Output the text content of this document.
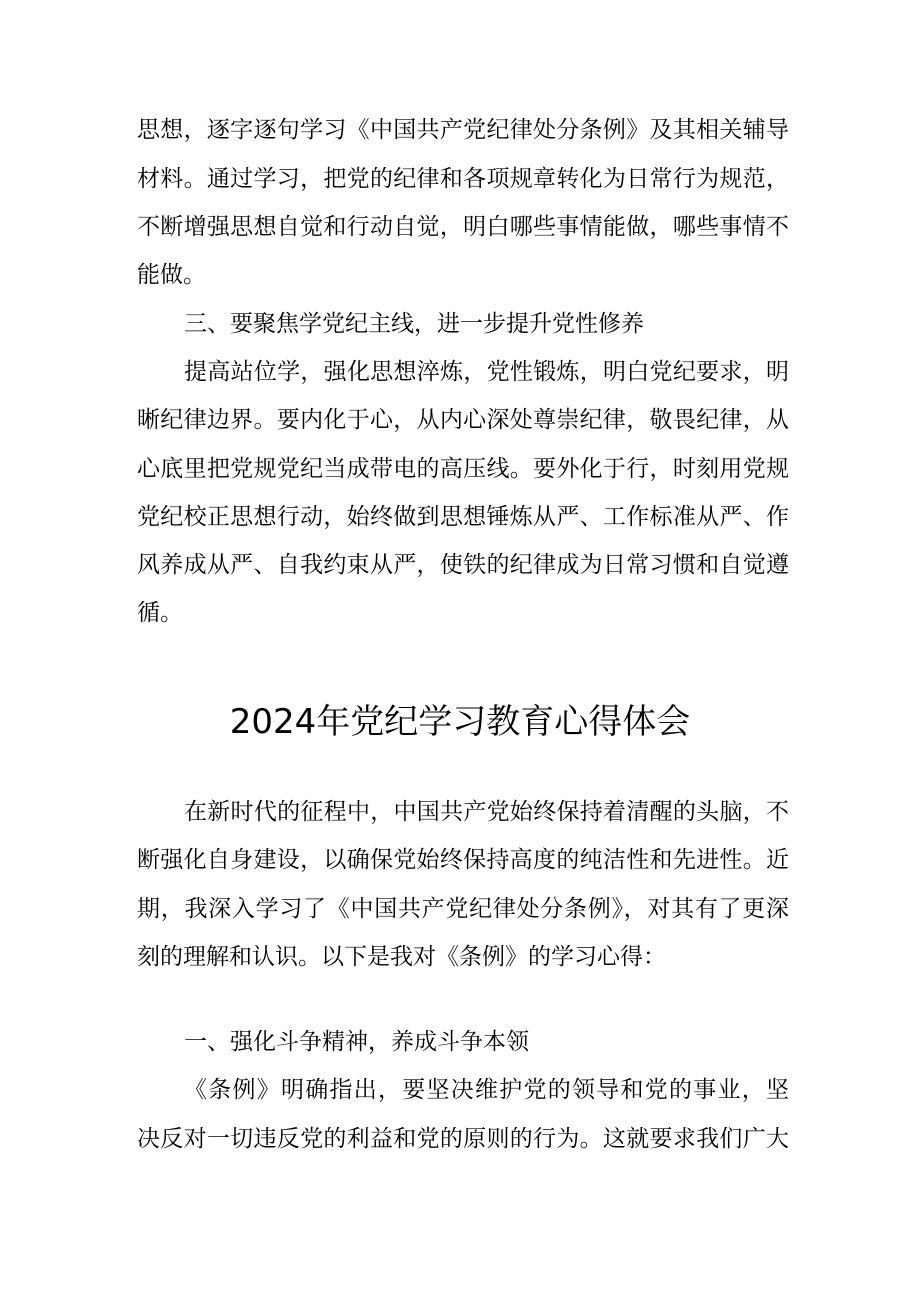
2024年党纪学习教育心得体会
思想，逐字逐句学习《中国共产党纪律处分条例》及其相关辅导
材料。通过学习，把党的纪律和各项规章转化为日常行为规范，
不断增强思想自觉和行动自觉，明白哪些事情能做，哪些事情不
能做。
三、要聚焦学党纪主线，进一步提升党性修养
提高站位学，强化思想淬炼，党性锻炼，明白党纪要求，明
晰纪律边界。要内化于心，从内心深处尊崇纪律，敬畏纪律，从
心底里把党规党纪当成带电的高压线。要外化于行，时刻用党规
党纪校正思想行动，始终做到思想锤炼从严、工作标准从严、作
风养成从严、自我约束从严，使铁的纪律成为日常习惯和自觉遵
循。
在新时代的征程中，中国共产党始终保持着清醒的头脑，不
断强化自身建设，以确保党始终保持高度的纯洁性和先进性。近
期，我深入学习了《中国共产党纪律处分条例》，对其有了更深
刻的理解和认识。以下是我对《条例》的学习心得：
一、强化斗争精神，养成斗争本领
《条例》明确指出，要坚决维护党的领导和党的事业，坚
决反对一切违反党的利益和党的原则的行为。这就要求我们广大
